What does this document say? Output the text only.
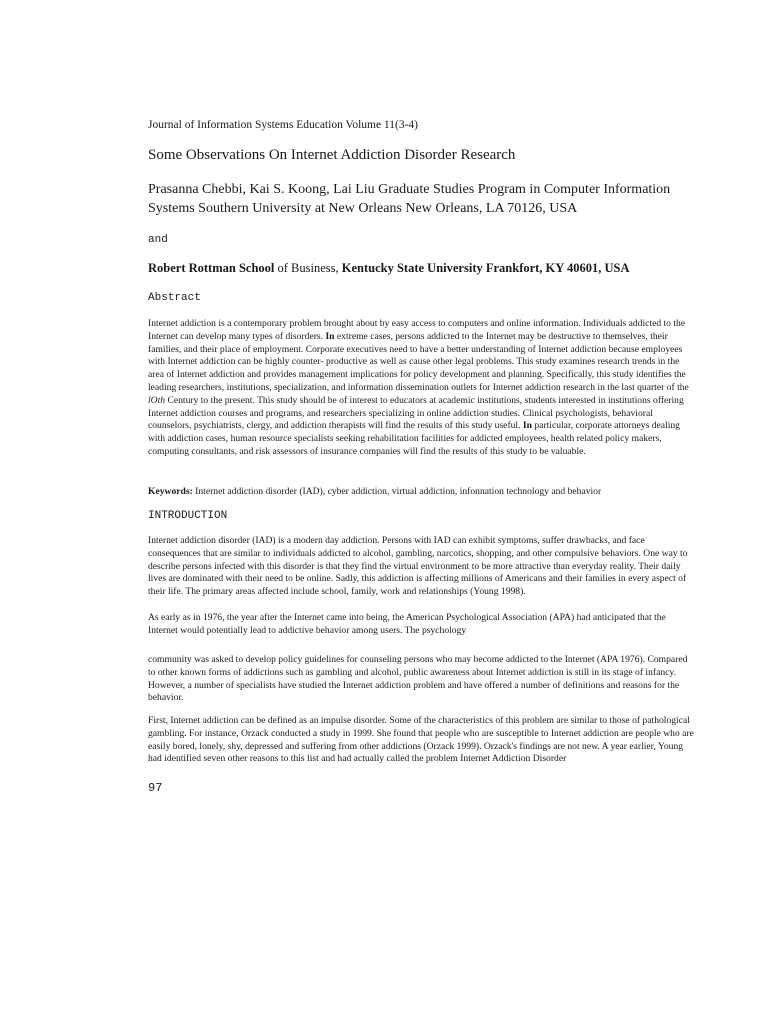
Journal of Information Systems Education Volume 11(3-4)

Some Observations On Internet Addiction Disorder Research

Prasanna Chebbi, Kai S. Koong, Lai Liu Graduate Studies Program in Computer Information Systems Southern University at New Orleans New Orleans, LA 70126, USA

and

Robert Rottman School of Business, Kentucky State University Frankfort, KY 40601, USA

Abstract

Internet addiction is a contemporary problem brought about by easy access to computers and online information. Individuals addicted to the Internet can develop many types of disorders. In extreme cases, persons addicted to the Internet may be destructive to themselves, their families, and their place of employment. Corporate executives need to have a better understanding of Internet addiction because employees with Internet addiction can be highly counter- productive as well as cause other legal problems. This study examines research trends in the area of Internet addiction and provides management implications for policy development and planning. Specifically, this study identifies the leading researchers, institutions, specialization, and information dissemination outlets for Internet addiction research in the last quarter of the lOth Century to the present. This study should be of interest to educators at academic institutions, students interested in institutions offering Internet addiction courses and programs, and researchers specializing in online addiction studies. Clinical psychologists, behavioral counselors, psychiatrists, clergy, and addiction therapists will find the results of this study useful. In particular, corporate attorneys dealing with addiction cases, human resource specialists seeking rehabilitation facilities for addicted employees, health related policy makers, computing consultants, and risk assessors of insurance companies will find the results of this study to be valuable.

Keywords: Internet addiction disorder (IAD), cyber addiction, virtual addiction, infonnation technology and behavior

INTRODUCTION

Internet addiction disorder (IAD) is a modern day addiction. Persons with IAD can exhibit symptoms, suffer drawbacks, and face consequences that are similar to individuals addicted to alcohol, gambling, narcotics, shopping, and other compulsive behaviors. One way to describe persons infected with this disorder is that they find the virtual environment to be more attractive than everyday reality. Their daily lives are dominated with their need to be online. Sadly, this addiction is affecting millions of Americans and their families in every aspect of their life. The primary areas affected include school, family, work and relationships (Young 1998).

As early as in 1976, the year after the Internet came into being, the American Psychological Association (APA) had anticipated that the Internet would potentially lead to addictive behavior among users. The psychology

community was asked to develop policy guidelines for counseling persons who may become addicted to the Internet (APA 1976). Compared to other known forms of addictions such as gambling and alcohol, public awareness about Internet addiction is still in its stage of infancy. However, a number of specialists have studied the Internet addiction problem and have offered a number of definitions and reasons for the behavior.

First, Internet addiction can be defined as an impulse disorder. Some of the characteristics of this problem are similar to those of pathological gambling. For instance, Orzack conducted a study in 1999. She found that people who are susceptible to Internet addiction are people who are easily bored, lonely, shy, depressed and suffering from other addictions (Orzack 1999). Orzack's findings are not new. A year earlier, Young had identified seven other reasons to this list and had actually called the problem Internet Addiction Disorder

97
